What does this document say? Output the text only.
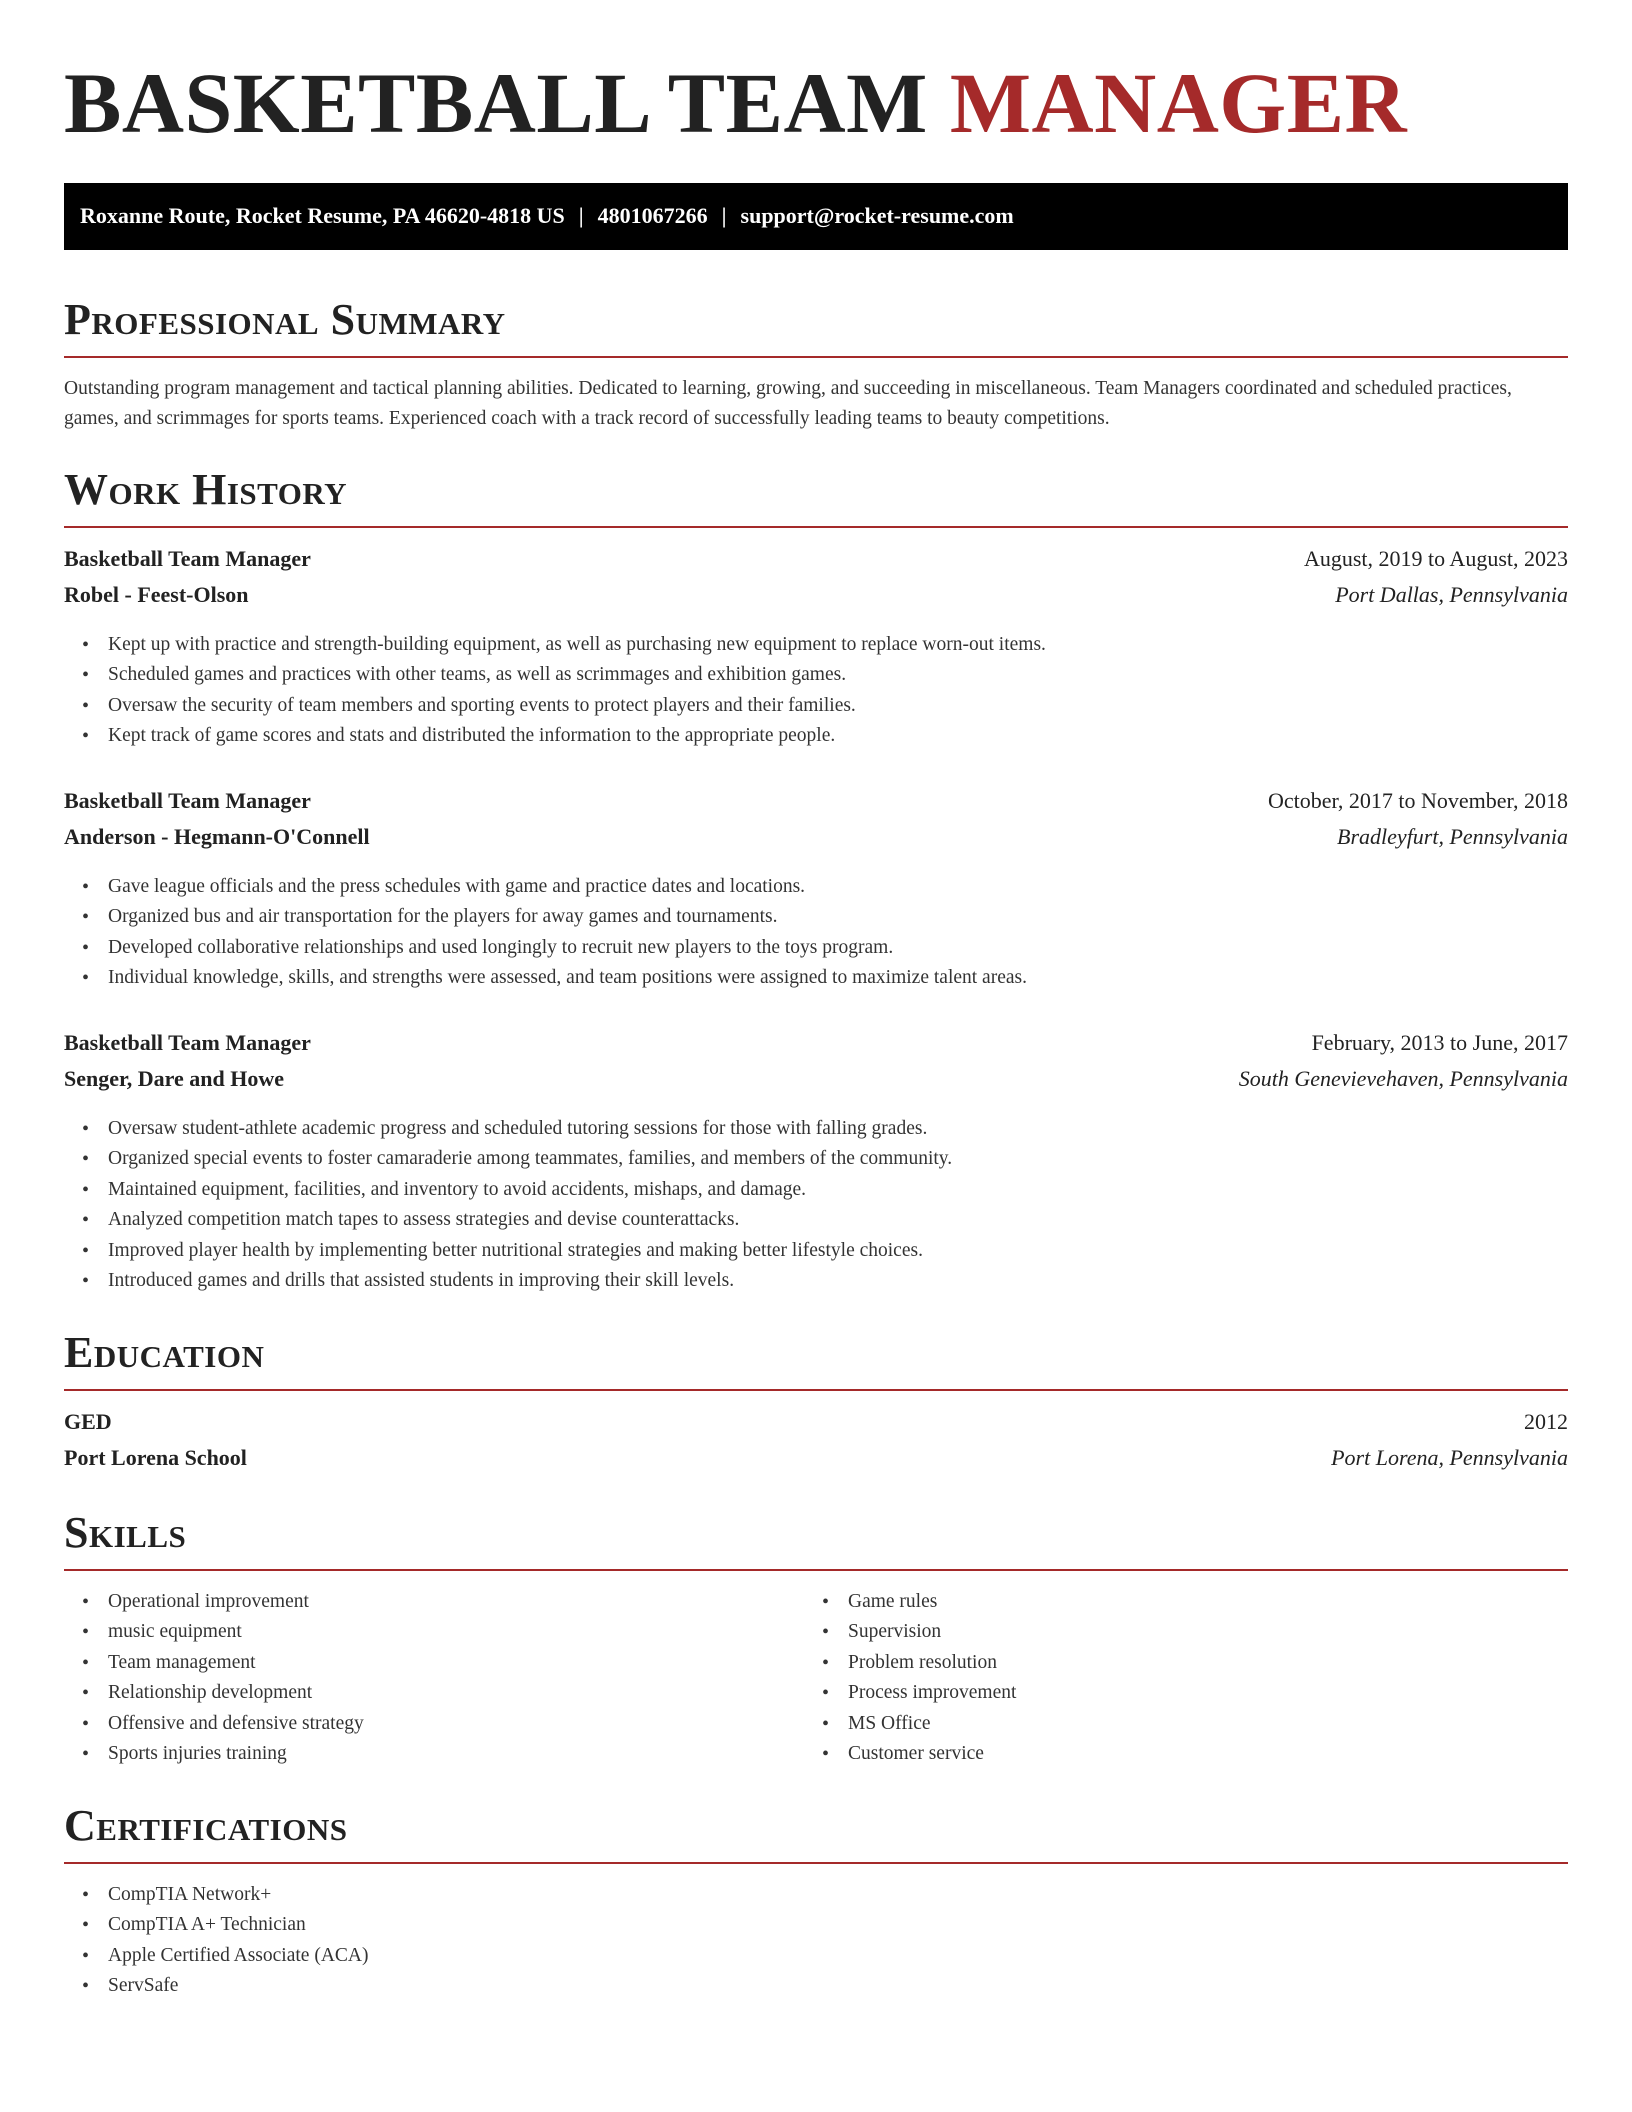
BASKETBALL TEAM MANAGER
Roxanne Route, Rocket Resume, PA 46620-4818 US | 4801067266 | support@rocket-resume.com
Professional Summary

Outstanding program management and tactical planning abilities. Dedicated to learning, growing, and succeeding in miscellaneous. Team Managers coordinated and scheduled practices, games, and scrimmages for sports teams. Experienced coach with a track record of successfully leading teams to beauty competitions.

Work History
Basketball Team Manager	August, 2019 to August, 2023
Robel - Feest-Olson	Port Dallas, Pennsylvania
• Kept up with practice and strength-building equipment, as well as purchasing new equipment to replace worn-out items.
• Scheduled games and practices with other teams, as well as scrimmages and exhibition games.
• Oversaw the security of team members and sporting events to protect players and their families.
• Kept track of game scores and stats and distributed the information to the appropriate people.
Basketball Team Manager	October, 2017 to November, 2018
Anderson - Hegmann-O'Connell	Bradleyfurt, Pennsylvania
• Gave league officials and the press schedules with game and practice dates and locations.
• Organized bus and air transportation for the players for away games and tournaments.
• Developed collaborative relationships and used longingly to recruit new players to the toys program.
• Individual knowledge, skills, and strengths were assessed, and team positions were assigned to maximize talent areas.
Basketball Team Manager	February, 2013 to June, 2017
Senger, Dare and Howe	South Genevievehaven, Pennsylvania
• Oversaw student-athlete academic progress and scheduled tutoring sessions for those with falling grades.
• Organized special events to foster camaraderie among teammates, families, and members of the community.
• Maintained equipment, facilities, and inventory to avoid accidents, mishaps, and damage.
• Analyzed competition match tapes to assess strategies and devise counterattacks.
• Improved player health by implementing better nutritional strategies and making better lifestyle choices.
• Introduced games and drills that assisted students in improving their skill levels.
Education
GED	2012
Port Lorena School	Port Lorena, Pennsylvania
Skills
• Operational improvement
• music equipment
• Team management
• Relationship development
• Offensive and defensive strategy
• Sports injuries training
• Game rules
• Supervision
• Problem resolution
• Process improvement
• MS Office
• Customer service
Certifications
• CompTIA Network+
• CompTIA A+ Technician
• Apple Certified Associate (ACA)
• ServSafe
